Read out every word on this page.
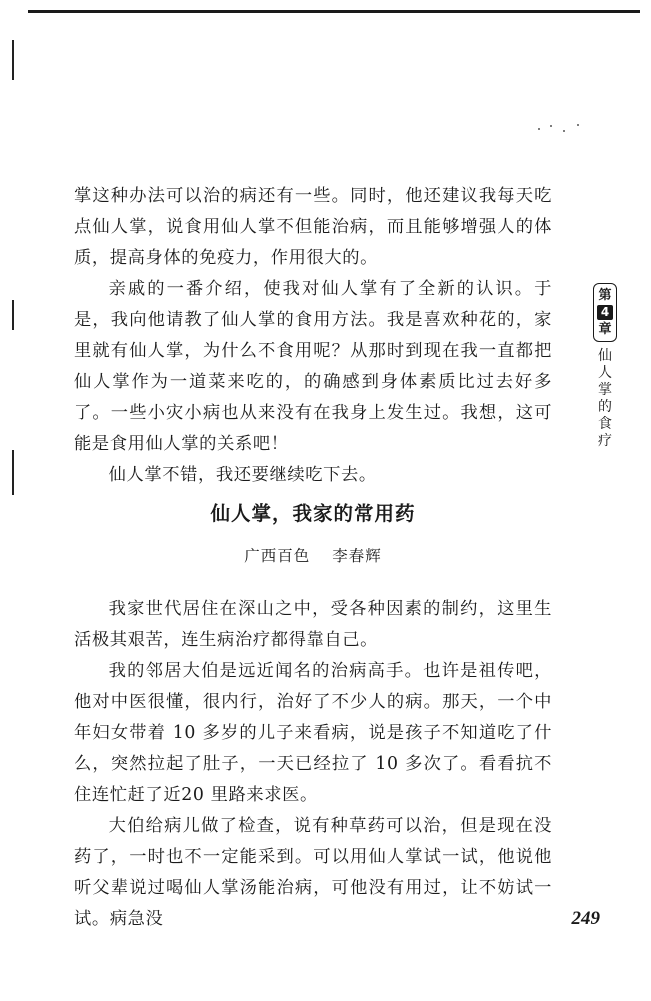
掌这种办法可以治的病还有一些。同时，他还建议我每天吃点仙人掌，说食用仙人掌不但能治病，而且能够增强人的体质，提高身体的免疫力，作用很大的。
亲戚的一番介绍，使我对仙人掌有了全新的认识。于是，我向他请教了仙人掌的食用方法。我是喜欢种花的，家里就有仙人掌，为什么不食用呢？从那时到现在我一直都把仙人掌作为一道菜来吃的，的确感到身体素质比过去好多了。一些小灾小病也从来没有在我身上发生过。我想，这可能是食用仙人掌的关系吧！
仙人掌不错，我还要继续吃下去。
仙人掌，我家的常用药
广西百色 李春辉
我家世代居住在深山之中，受各种因素的制约，这里生活极其艰苦，连生病治疗都得靠自己。
我的邻居大伯是远近闻名的治病高手。也许是祖传吧，他对中医很懂，很内行，治好了不少人的病。那天，一个中年妇女带着 10 多岁的儿子来看病，说是孩子不知道吃了什么，突然拉起了肚子，一天已经拉了 10 多次了。看看抗不住连忙赶了近20 里路来求医。
大伯给病儿做了检查，说有种草药可以治，但是现在没药了，一时也不一定能采到。可以用仙人掌试一试，他说他听父辈说过喝仙人掌汤能治病，可他没有用过，让不妨试一试。病急没
第
4
章
仙
人
掌
的
食
疗
249
